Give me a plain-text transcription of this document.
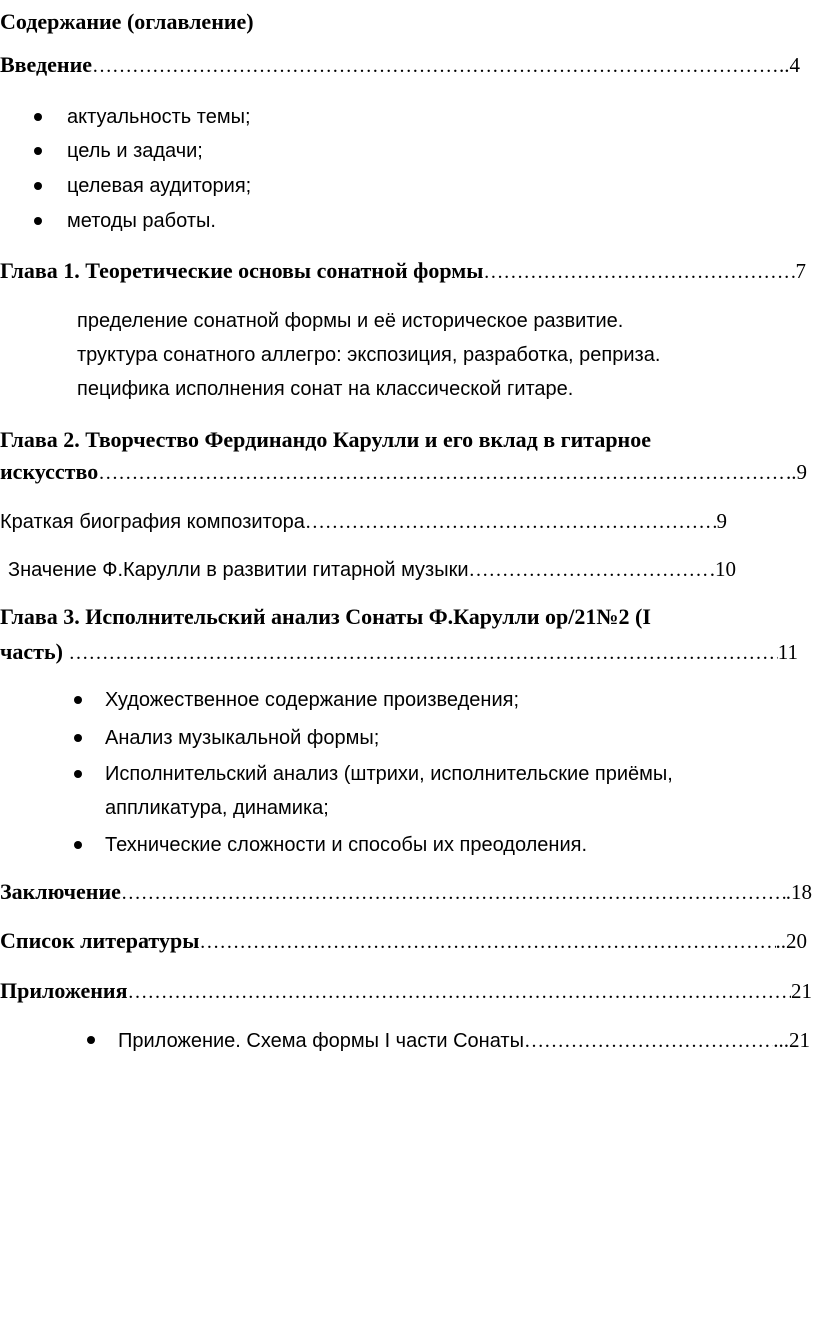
Содержание (оглавление)
Введение ……………………………………………………………………………………………………………………………………………………………………	..4
актуальность темы;
цель и задачи;
целевая аудитория;
методы работы.
Глава 1. Теоретические основы сонатной формы ……………………………………………………………………………………………………………………………………………………………………	7
пределение сонатной формы и её историческое развитие.
труктура сонатного аллегро: экспозиция, разработка, реприза.
пецифика исполнения сонат на классической гитаре.
Глава 2. Творчество Фердинандо Карулли и его вклад в гитарное
искусство ……………………………………………………………………………………………………………………………………………………………………	..9
Краткая биография композитора ……………………………………………………………………………………………………………………………………………………………………	9
Значение Ф.Карулли в развитии гитарной музыки ……………………………………………………………………………………………………………………………………………………………………	.10
Глава 3. Исполнительский анализ Сонаты Ф.Карулли ор/21№2 (I
часть) ……………………………………………………………………………………………………………………………………………………………………	11
Художественное содержание произведения;
Анализ музыкальной формы;
Исполнительский анализ (штрихи, исполнительские приёмы,
аппликатура, динамика;
Технические сложности и способы их преодоления.
Заключение ……………………………………………………………………………………………………………………………………………………………………	.18
Список литературы ……………………………………………………………………………………………………………………………………………………………………	..20
Приложения ……………………………………………………………………………………………………………………………………………………………………	21
Приложение. Схема формы I части Сонаты ……………………………………………………………………………………………………………………………………………………………………	...21
